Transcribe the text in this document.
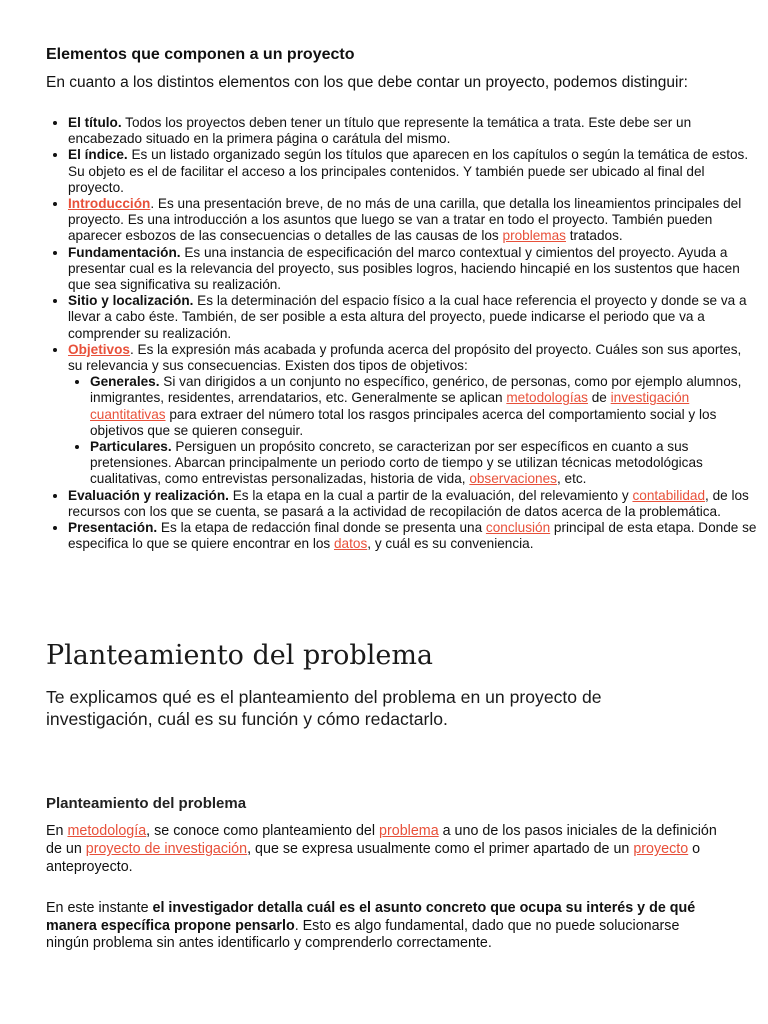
Elementos que componen a un proyecto

En cuanto a los distintos elementos con los que debe contar un proyecto, podemos distinguir:

• El título. Todos los proyectos deben tener un título que represente la temática a trata. Este debe ser un encabezado situado en la primera página o carátula del mismo.
• El índice. Es un listado organizado según los títulos que aparecen en los capítulos o según la temática de estos. Su objeto es el de facilitar el acceso a los principales contenidos. Y también puede ser ubicado al final del proyecto.
• Introducción. Es una presentación breve, de no más de una carilla, que detalla los lineamientos principales del proyecto. Es una introducción a los asuntos que luego se van a tratar en todo el proyecto. También pueden aparecer esbozos de las consecuencias o detalles de las causas de los problemas tratados.
• Fundamentación. Es una instancia de especificación del marco contextual y cimientos del proyecto. Ayuda a presentar cual es la relevancia del proyecto, sus posibles logros, haciendo hincapié en los sustentos que hacen que sea significativa su realización.
• Sitio y localización. Es la determinación del espacio físico a la cual hace referencia el proyecto y donde se va a llevar a cabo éste. También, de ser posible a esta altura del proyecto, puede indicarse el periodo que va a comprender su realización.
• Objetivos. Es la expresión más acabada y profunda acerca del propósito del proyecto. Cuáles son sus aportes, su relevancia y sus consecuencias. Existen dos tipos de objetivos:
• Generales. Si van dirigidos a un conjunto no específico, genérico, de personas, como por ejemplo alumnos, inmigrantes, residentes, arrendatarios, etc. Generalmente se aplican metodologías de investigación cuantitativas para extraer del número total los rasgos principales acerca del comportamiento social y los objetivos que se quieren conseguir.
• Particulares. Persiguen un propósito concreto, se caracterizan por ser específicos en cuanto a sus pretensiones. Abarcan principalmente un periodo corto de tiempo y se utilizan técnicas metodológicas cualitativas, como entrevistas personalizadas, historia de vida, observaciones, etc.
• Evaluación y realización. Es la etapa en la cual a partir de la evaluación, del relevamiento y contabilidad, de los recursos con los que se cuenta, se pasará a la actividad de recopilación de datos acerca de la problemática.
• Presentación. Es la etapa de redacción final donde se presenta una conclusión principal de esta etapa. Donde se especifica lo que se quiere encontrar en los datos, y cuál es su conveniencia.
Planteamiento del problema

Te explicamos qué es el planteamiento del problema en un proyecto de investigación, cuál es su función y cómo redactarlo.

Planteamiento del problema

En metodología, se conoce como planteamiento del problema a uno de los pasos iniciales de la definición de un proyecto de investigación, que se expresa usualmente como el primer apartado de un proyecto o anteproyecto.

En este instante el investigador detalla cuál es el asunto concreto que ocupa su interés y de qué manera específica propone pensarlo. Esto es algo fundamental, dado que no puede solucionarse ningún problema sin antes identificarlo y comprenderlo correctamente.
